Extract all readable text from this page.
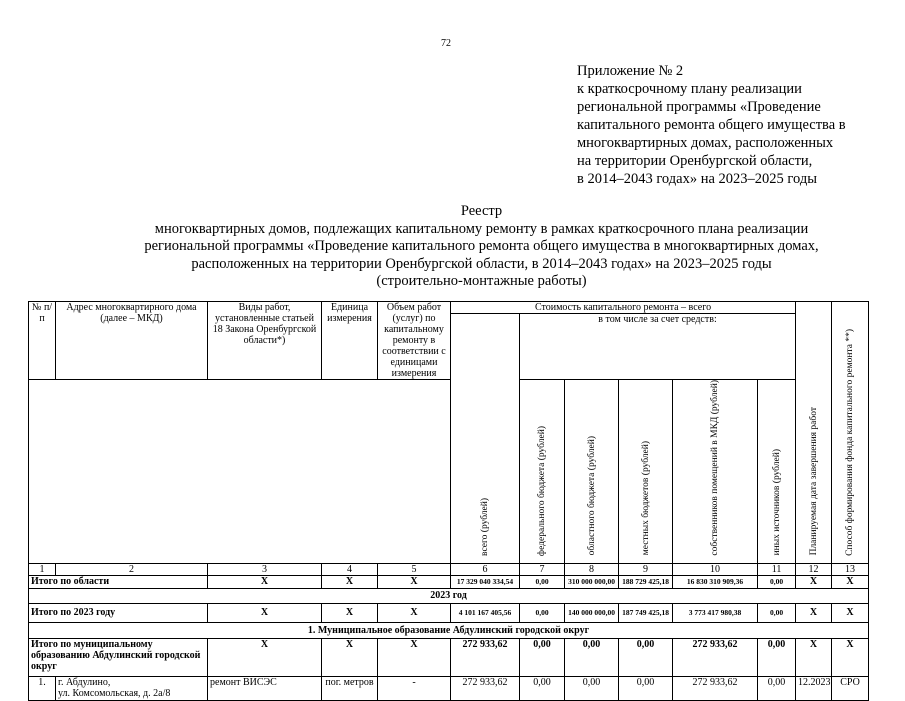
72
Приложение № 2
к краткосрочному плану реализации
региональной программы «Проведение
капитального ремонта общего имущества в
многоквартирных домах, расположенных
на территории Оренбургской области,
в 2014–2043 годах» на 2023–2025 годы
Реестр
многоквартирных домов, подлежащих капитальному ремонту в рамках краткосрочного плана реализации
региональной программы «Проведение капитального ремонта общего имущества в многоквартирных домах,
расположенных на территории Оренбургской области, в 2014–2043 годах» на 2023–2025 годы
(строительно-монтажные работы)
№ п/п	Адрес многоквартирного дома (далее – МКД)	Виды работ, установленные статьей 18 Закона Оренбургской области*)	Единица измерения	Объем работ (услуг) по капитальному ремонту в соответствии с единицами измерения	Стоимость капитального ремонта – всего						Планируемая дата завершения работ	Способ формирования фонда капитального ремонта **)
					всего (рублей)	в том числе за счет средств:						
						федерального бюджета (рублей)	областного бюджета (рублей)	местных бюджетов (рублей)	собственников помещений в МКД (рублей)	иных источников (рублей)		
1	2	3	4	5	6	7	8	9	10	11	12	13
Итого по области		Х	Х	Х	17 329 040 334,54	0,00	310 000 000,00	188 729 425,18	16 830 310 909,36	0,00	Х	Х
2023 год												
Итого по 2023 году		Х	Х	Х	4 101 167 405,56	0,00	140 000 000,00	187 749 425,18	3 773 417 980,38	0,00	Х	Х
1. Муниципальное образование Абдулинский городской округ												
Итого по муниципальному образованию Абдулинский городской округ		Х	Х	Х	272 933,62	0,00	0,00	0,00	272 933,62	0,00	Х	Х
1.	г. Абдулино,
ул. Комсомольская, д. 2а/8	ремонт ВИСЭС	пог. метров	-	272 933,62	0,00	0,00	0,00	272 933,62	0,00	12.2023	СРО
